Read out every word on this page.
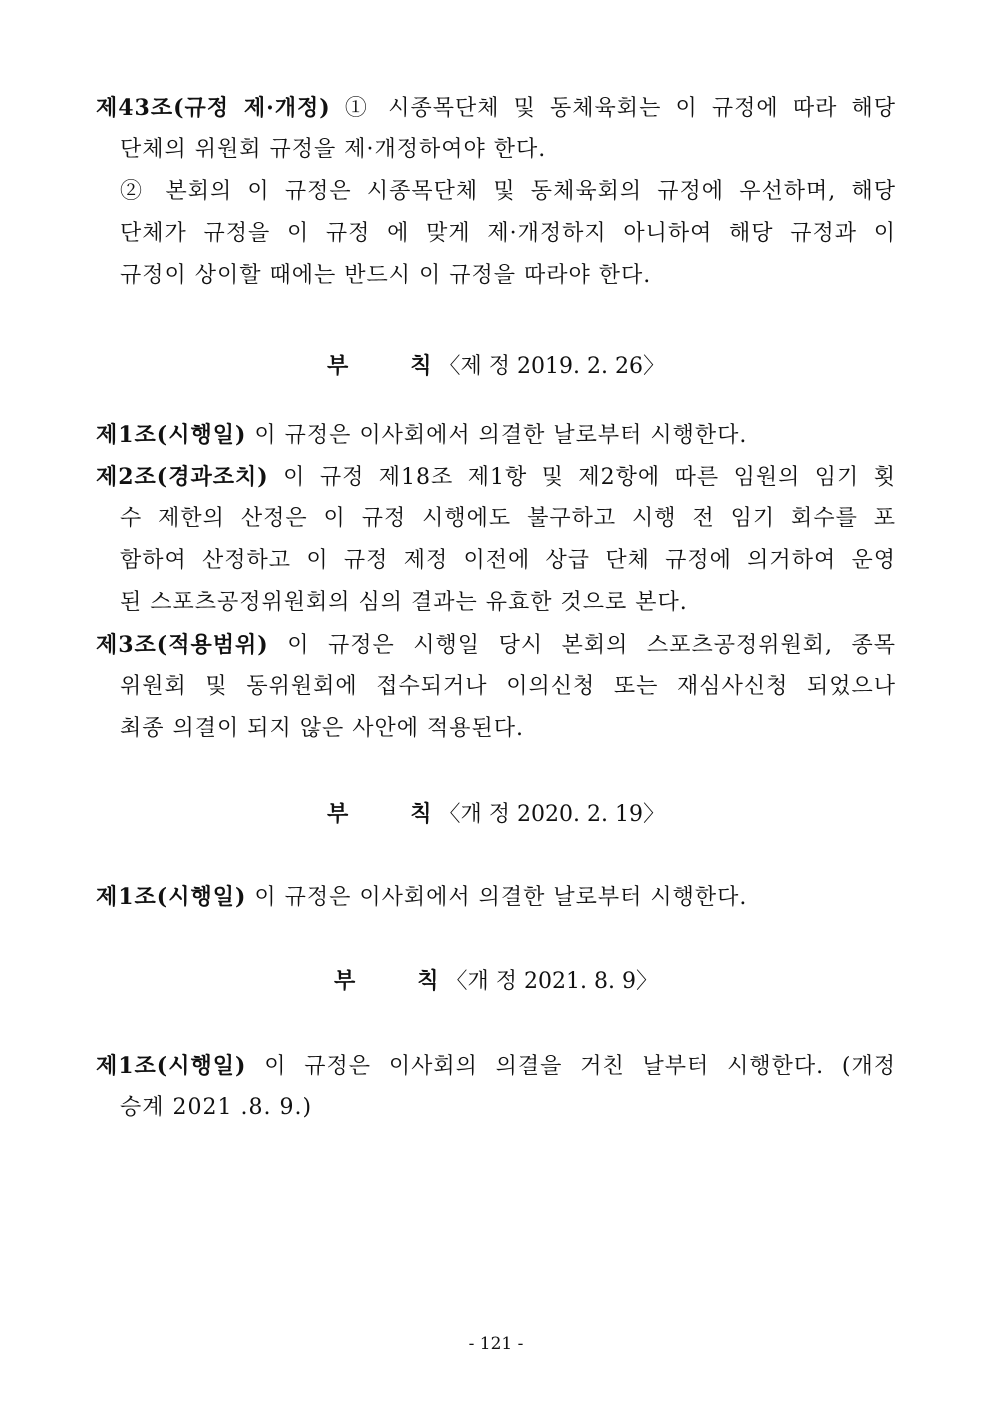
제43조(규정 제·개정) ① 시종목단체 및 동체육회는 이 규정에 따라 해당
단체의 위원회 규정을 제·개정하여야 한다.
② 본회의 이 규정은 시종목단체 및 동체육회의 규정에 우선하며, 해당
단체가 규정을 이 규정 에 맞게 제·개정하지 아니하여 해당 규정과 이
규정이 상이할 때에는 반드시 이 규정을 따라야 한다.
부	칙 〈제 정 2019. 2. 26〉
제1조(시행일) 이 규정은 이사회에서 의결한 날로부터 시행한다.
제2조(경과조치) 이 규정 제18조 제1항 및 제2항에 따른 임원의 임기 횟
수 제한의 산정은 이 규정 시행에도 불구하고 시행 전 임기 회수를 포
함하여 산정하고 이 규정 제정 이전에 상급 단체 규정에 의거하여 운영
된 스포츠공정위원회의 심의 결과는 유효한 것으로 본다.
제3조(적용범위) 이 규정은 시행일 당시 본회의 스포츠공정위원회, 종목
위원회 및 동위원회에 접수되거나 이의신청 또는 재심사신청 되었으나
최종 의결이 되지 않은 사안에 적용된다.
부	칙 〈개 정 2020. 2. 19〉
제1조(시행일) 이 규정은 이사회에서 의결한 날로부터 시행한다.
부	칙 〈개 정 2021. 8. 9〉
제1조(시행일) 이 규정은 이사회의 의결을 거친 날부터 시행한다. (개정
승계 2021 .8. 9.)
- 121 -
